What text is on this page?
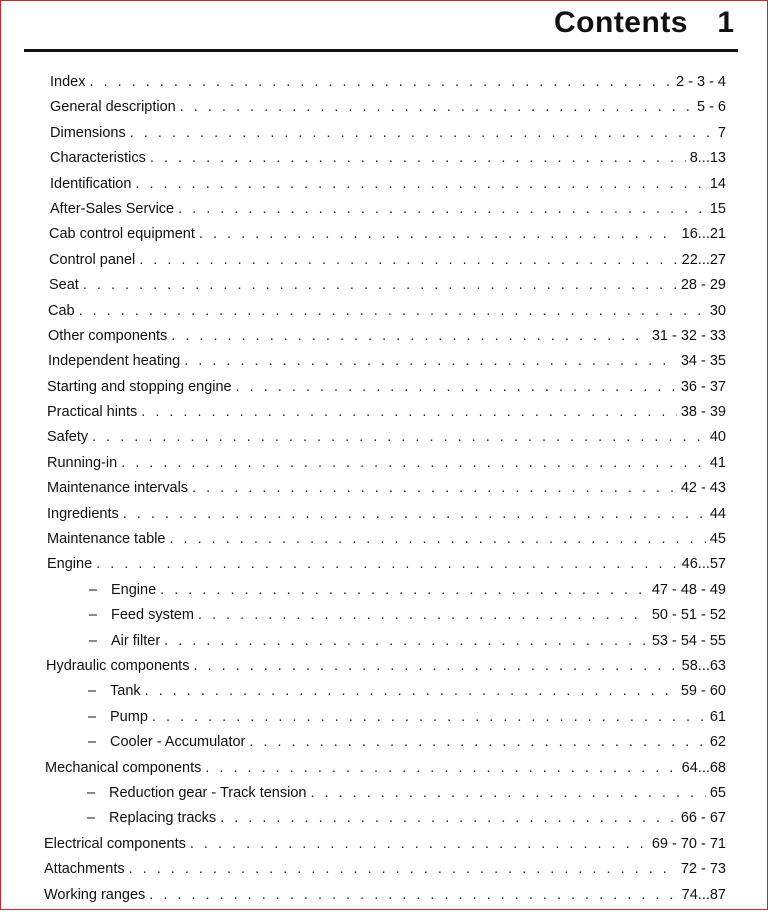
Contents 1
Index . . .	2 - 3 - 4
General description . . .	5 - 6
Dimensions . . .	7
Characteristics . . .	8...13
Identification . . .	14
After-Sales Service . . .	15
Cab control equipment . . .	16...21
Control panel . . .	22...27
Seat . . .	28 - 29
Cab . . .	30
Other components . . .	31 - 32 - 33
Independent heating . . .	34 - 35
Starting and stopping engine . . .	36 - 37
Practical hints . . .	38 - 39
Safety . . .	40
Running-in . . .	41
Maintenance intervals . . .	42 - 43
Ingredients . . .	44
Maintenance table . . .	45
Engine . . .	46...57
– Engine . . .	47 - 48 - 49
– Feed system . . .	50 - 51 - 52
– Air filter . . .	53 - 54 - 55
Hydraulic components . . .	58...63
– Tank . . .	59 - 60
– Pump . . .	61
– Cooler - Accumulator . . .	62
Mechanical components . . .	64...68
– Reduction gear - Track tension . . .	65
– Replacing tracks . . .	66 - 67
Electrical components . . .	69 - 70 - 71
Attachments . . .	72 - 73
Working ranges . . .	74...87
